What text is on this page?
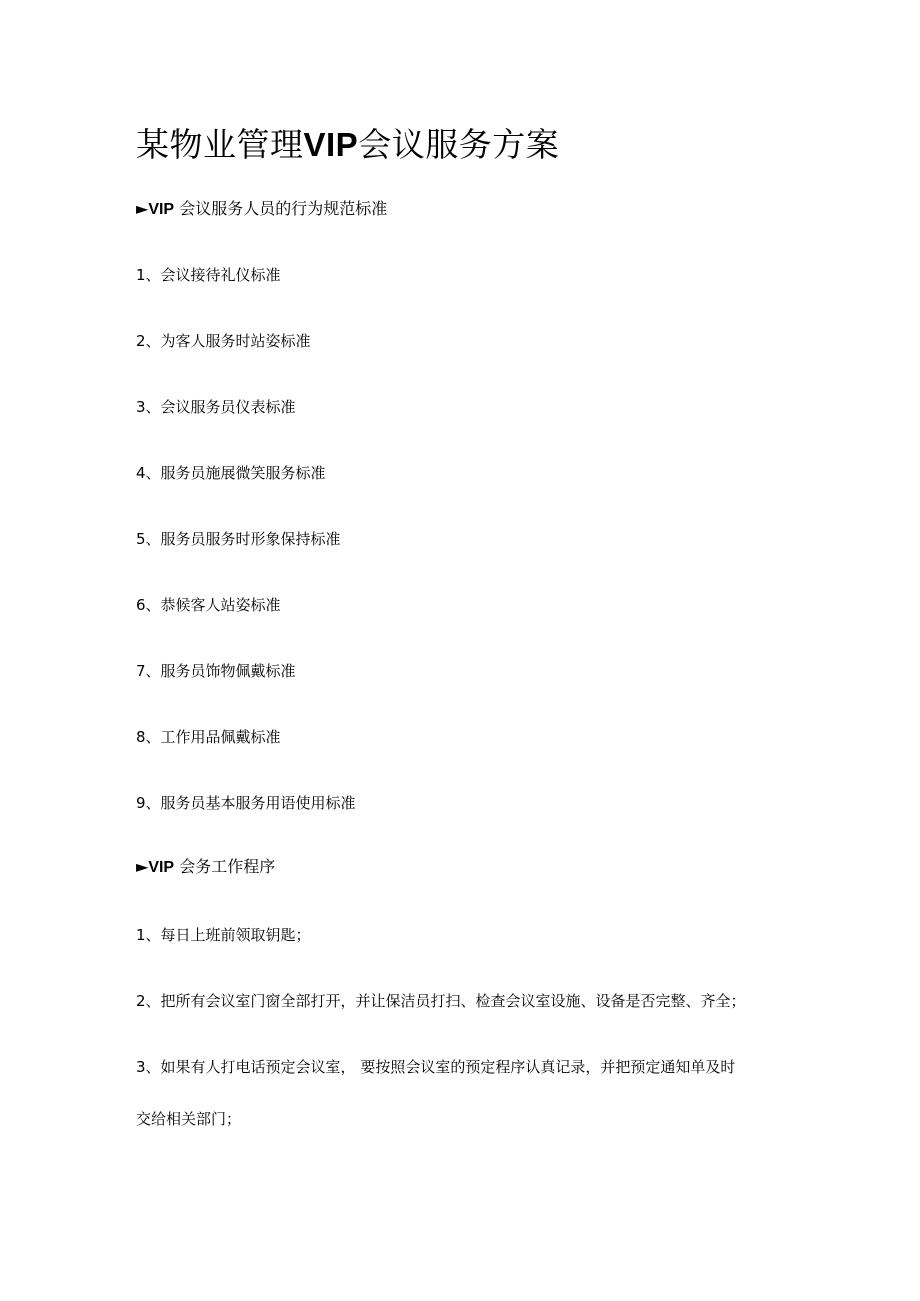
某物业管理VIP会议服务方案
►VIP 会议服务人员的行为规范标准
1、会议接待礼仪标准
2、为客人服务时站姿标准
3、会议服务员仪表标准
4、服务员施展微笑服务标准
5、服务员服务时形象保持标准
6、恭候客人站姿标准
7、服务员饰物佩戴标准
8、工作用品佩戴标准
9、服务员基本服务用语使用标准
►VIP 会务工作程序
1、每日上班前领取钥匙；
2、把所有会议室门窗全部打开，并让保洁员打扫、检查会议室设施、设备是否完整、齐全；
3、如果有人打电话预定会议室， 要按照会议室的预定程序认真记录，并把预定通知单及时
交给相关部门；
